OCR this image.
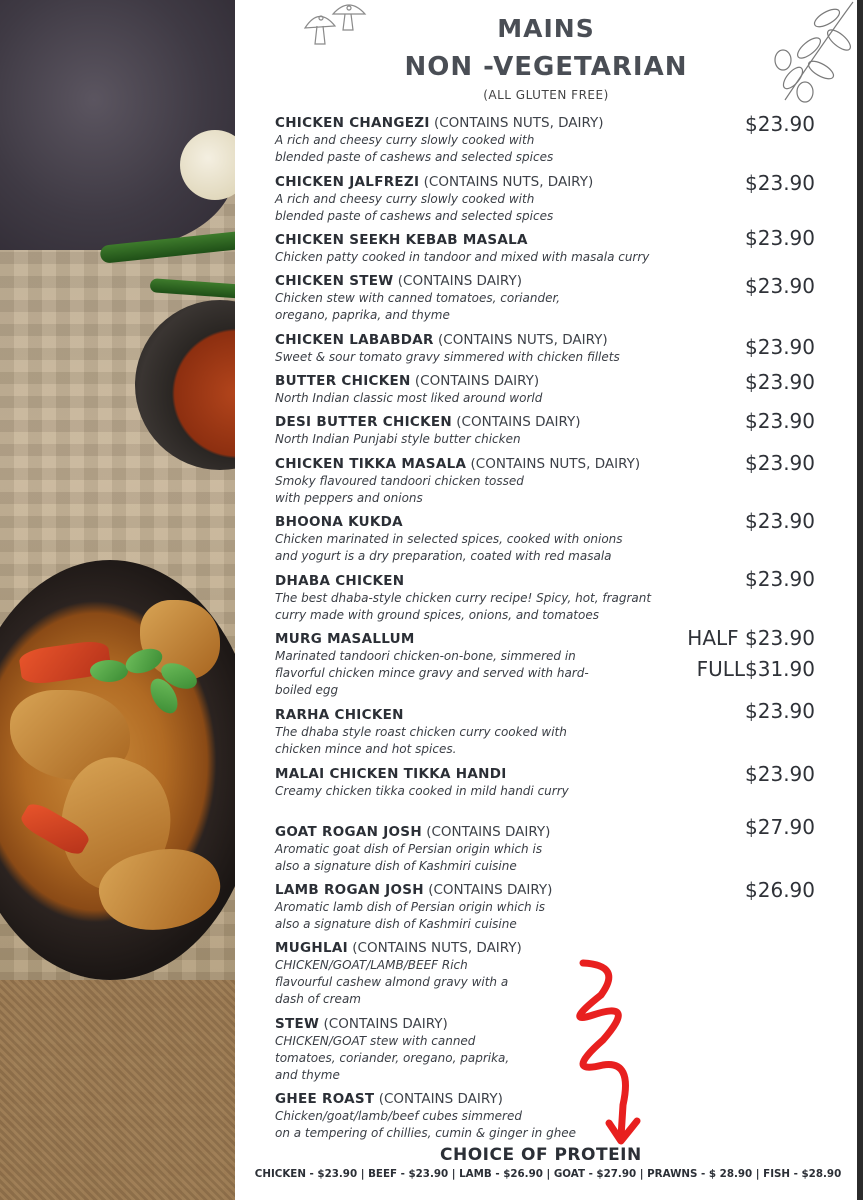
MAINS
NON -VEGETARIAN
(ALL GLUTEN FREE)
CHICKEN CHANGEZI (CONTAINS NUTS, DAIRY)
A rich and cheesy curry slowly cooked with
blended paste of cashews and selected spices
$23.90
CHICKEN JALFREZI (CONTAINS NUTS, DAIRY)
A rich and cheesy curry slowly cooked with
blended paste of cashews and selected spices
$23.90
CHICKEN SEEKH KEBAB MASALA
Chicken patty cooked in tandoor and mixed with masala curry
$23.90
CHICKEN STEW (CONTAINS DAIRY)
Chicken stew with canned tomatoes, coriander,
oregano, paprika, and thyme
$23.90
CHICKEN LABABDAR (CONTAINS NUTS, DAIRY)
Sweet & sour tomato gravy simmered with chicken fillets	$23.90
BUTTER CHICKEN (CONTAINS DAIRY)
North Indian classic most liked around world
$23.90
DESI BUTTER CHICKEN (CONTAINS DAIRY)
North Indian Punjabi style butter chicken
$23.90
CHICKEN TIKKA MASALA (CONTAINS NUTS, DAIRY)
Smoky flavoured tandoori chicken tossed
with peppers and onions
$23.90
BHOONA KUKDA
Chicken marinated in selected spices, cooked with onions
and yogurt is a dry preparation, coated with red masala
$23.90
DHABA CHICKEN
The best dhaba-style chicken curry recipe! Spicy, hot, fragrant
curry made with ground spices, onions, and tomatoes
$23.90
MURG MASALLUM
Marinated tandoori chicken-on-bone, simmered in
flavorful chicken mince gravy and served with hard-
boiled egg
HALF $23.90
FULL$31.90
RARHA CHICKEN
The dhaba style roast chicken curry cooked with
chicken mince and hot spices.
$23.90
MALAI CHICKEN TIKKA HANDI
Creamy chicken tikka cooked in mild handi curry
$23.90
GOAT ROGAN JOSH (CONTAINS DAIRY)
Aromatic goat dish of Persian origin which is
also a signature dish of Kashmiri cuisine
$27.90
LAMB ROGAN JOSH (CONTAINS DAIRY)
Aromatic lamb dish of Persian origin which is
also a signature dish of Kashmiri cuisine
$26.90
MUGHLAI (CONTAINS NUTS, DAIRY)
CHICKEN/GOAT/LAMB/BEEF Rich
flavourful cashew almond gravy with a
dash of cream
STEW (CONTAINS DAIRY)
CHICKEN/GOAT stew with canned
tomatoes, coriander, oregano, paprika,
and thyme
GHEE ROAST (CONTAINS DAIRY)
Chicken/goat/lamb/beef cubes simmered
on a tempering of chillies, cumin & ginger in ghee
CHOICE OF PROTEIN
CHICKEN - $23.90 | BEEF - $23.90 | LAMB - $26.90 | GOAT - $27.90 | PRAWNS - $ 28.90 | FISH - $28.90
